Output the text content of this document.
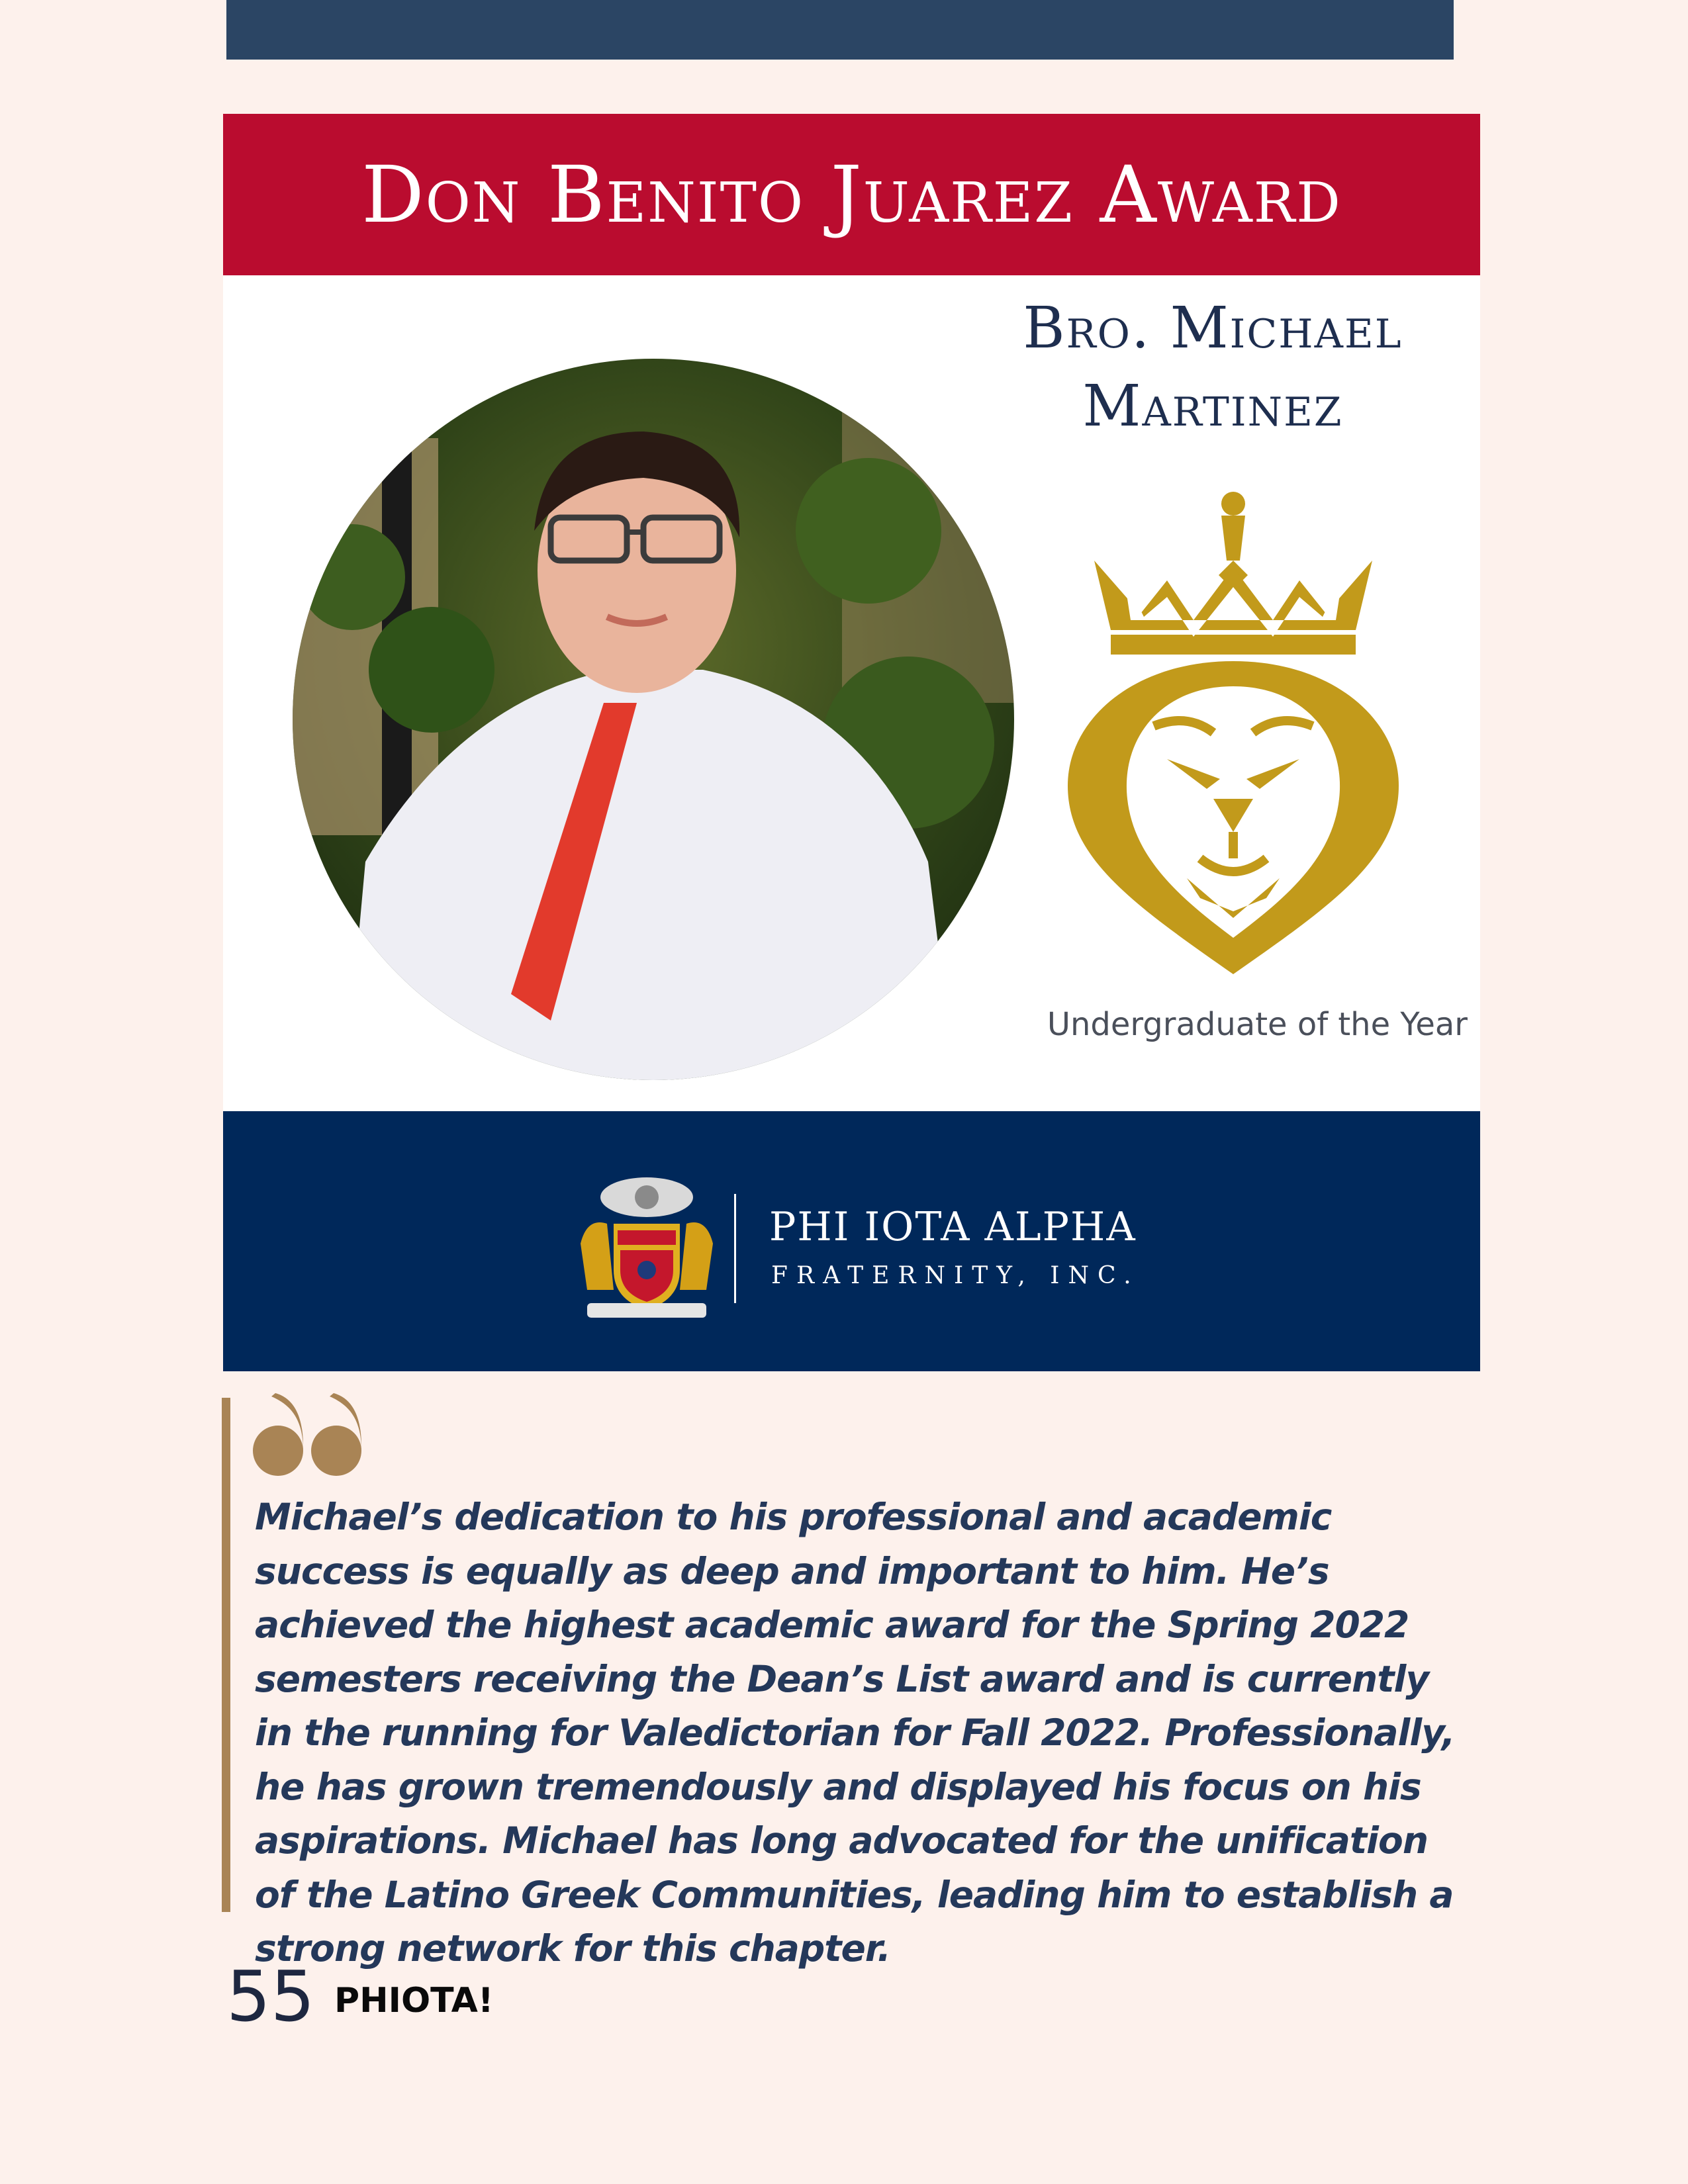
Don Benito Juarez Award
Bro. Michael
Martinez
Undergraduate of the Year
PHI IOTA ALPHA
FRATERNITY, INC.

Michael’s dedication to his professional and academic success is equally as deep and important to him. He’s achieved the highest academic award for the Spring 2022 semesters receiving the Dean’s List award and is currently in the running for Valedictorian for Fall 2022. Professionally, he has grown tremendously and displayed his focus on his aspirations. Michael has long advocated for the unification of the Latino Greek Communities, leading him to establish a strong network for this chapter.

55 PHIOTA!
